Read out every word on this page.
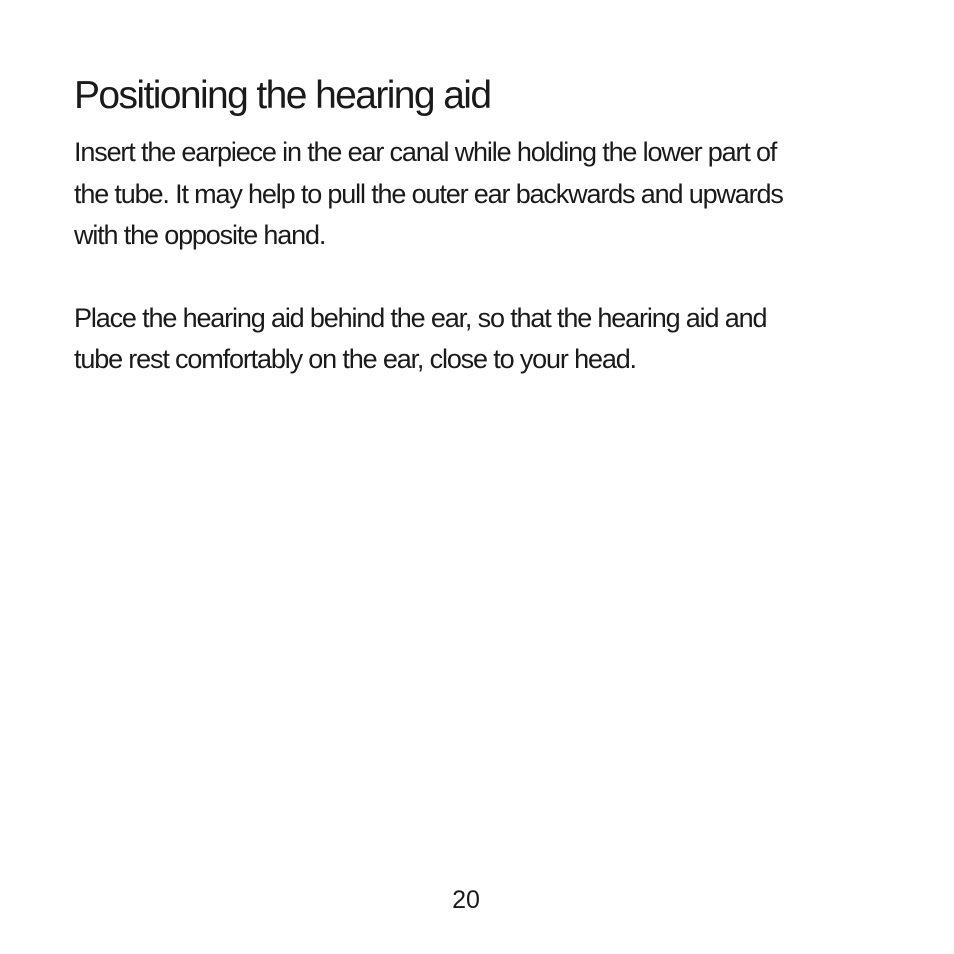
Positioning the hearing aid

Insert the earpiece in the ear canal while holding the lower part of
the tube. It may help to pull the outer ear backwards and upwards
with the opposite hand.

Place the hearing aid behind the ear, so that the hearing aid and
tube rest comfortably on the ear, close to your head.

20
